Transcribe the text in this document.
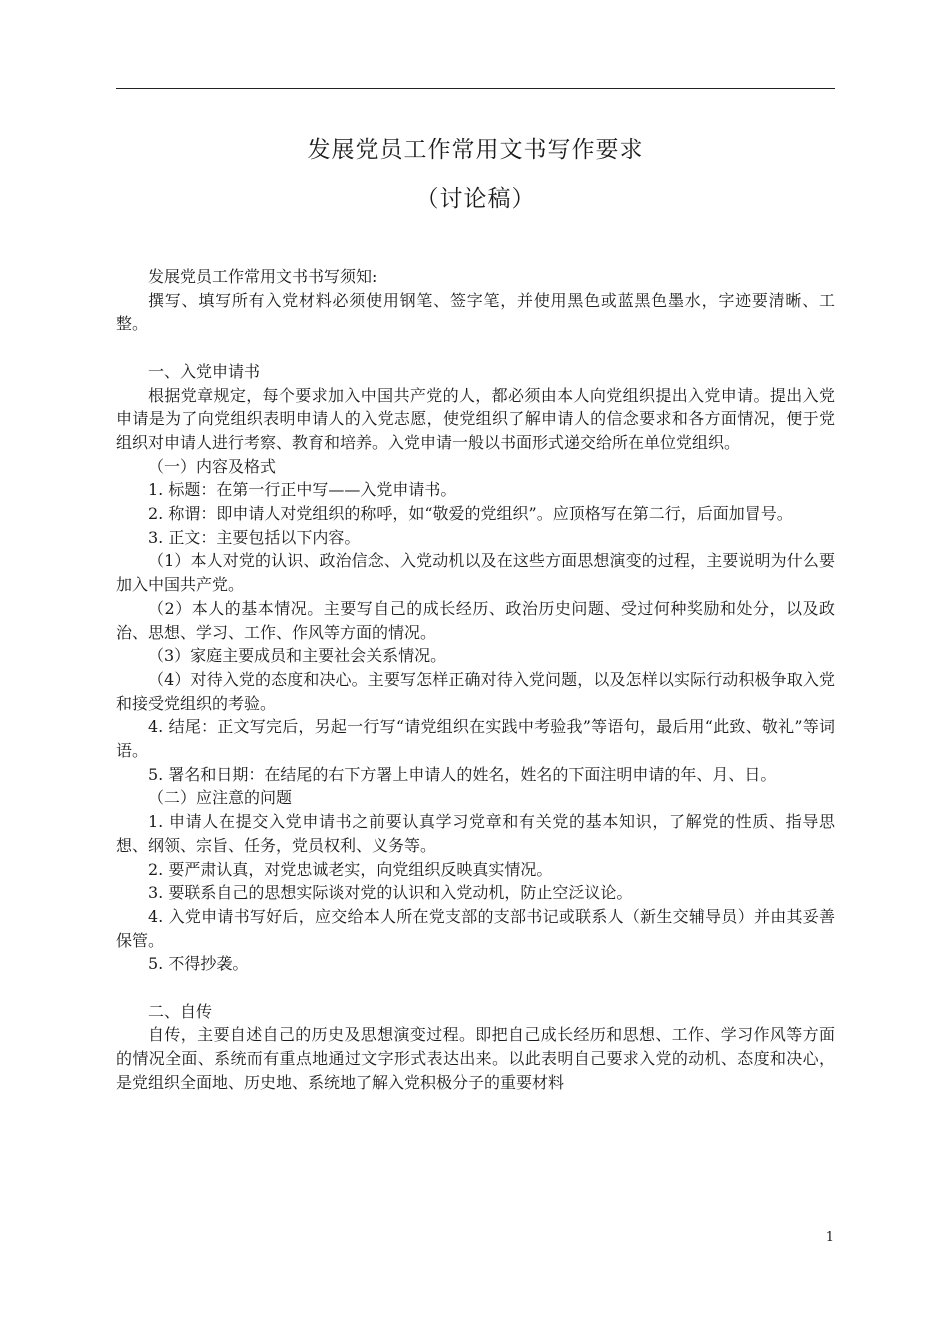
发展党员工作常用文书写作要求
（讨论稿）

发展党员工作常用文书书写须知:

撰写、填写所有入党材料必须使用钢笔、签字笔，并使用黑色或蓝黑色墨水，字迹要清晰、工整。

一、入党申请书

根据党章规定，每个要求加入中国共产党的人，都必须由本人向党组织提出入党申请。提出入党申请是为了向党组织表明申请人的入党志愿，使党组织了解申请人的信念要求和各方面情况，便于党组织对申请人进行考察、教育和培养。入党申请一般以书面形式递交给所在单位党组织。

（一）内容及格式

1. 标题：在第一行正中写——入党申请书。

2. 称谓：即申请人对党组织的称呼，如“敬爱的党组织”。应顶格写在第二行，后面加冒号。

3. 正文：主要包括以下内容。

（1）本人对党的认识、政治信念、入党动机以及在这些方面思想演变的过程，主要说明为什么要加入中国共产党。

（2）本人的基本情况。主要写自己的成长经历、政治历史问题、受过何种奖励和处分，以及政治、思想、学习、工作、作风等方面的情况。

（3）家庭主要成员和主要社会关系情况。

（4）对待入党的态度和决心。主要写怎样正确对待入党问题，以及怎样以实际行动积极争取入党和接受党组织的考验。

4. 结尾：正文写完后，另起一行写“请党组织在实践中考验我”等语句，最后用“此致、敬礼”等词语。

5. 署名和日期：在结尾的右下方署上申请人的姓名，姓名的下面注明申请的年、月、日。

（二）应注意的问题

1. 申请人在提交入党申请书之前要认真学习党章和有关党的基本知识，了解党的性质、指导思想、纲领、宗旨、任务，党员权利、义务等。

2. 要严肃认真，对党忠诚老实，向党组织反映真实情况。

3. 要联系自己的思想实际谈对党的认识和入党动机，防止空泛议论。

4. 入党申请书写好后，应交给本人所在党支部的支部书记或联系人（新生交辅导员）并由其妥善保管。

5. 不得抄袭。

二、自传

自传，主要自述自己的历史及思想演变过程。即把自己成长经历和思想、工作、学习作风等方面的情况全面、系统而有重点地通过文字形式表达出来。以此表明自己要求入党的动机、态度和决心，是党组织全面地、历史地、系统地了解入党积极分子的重要材料

1
